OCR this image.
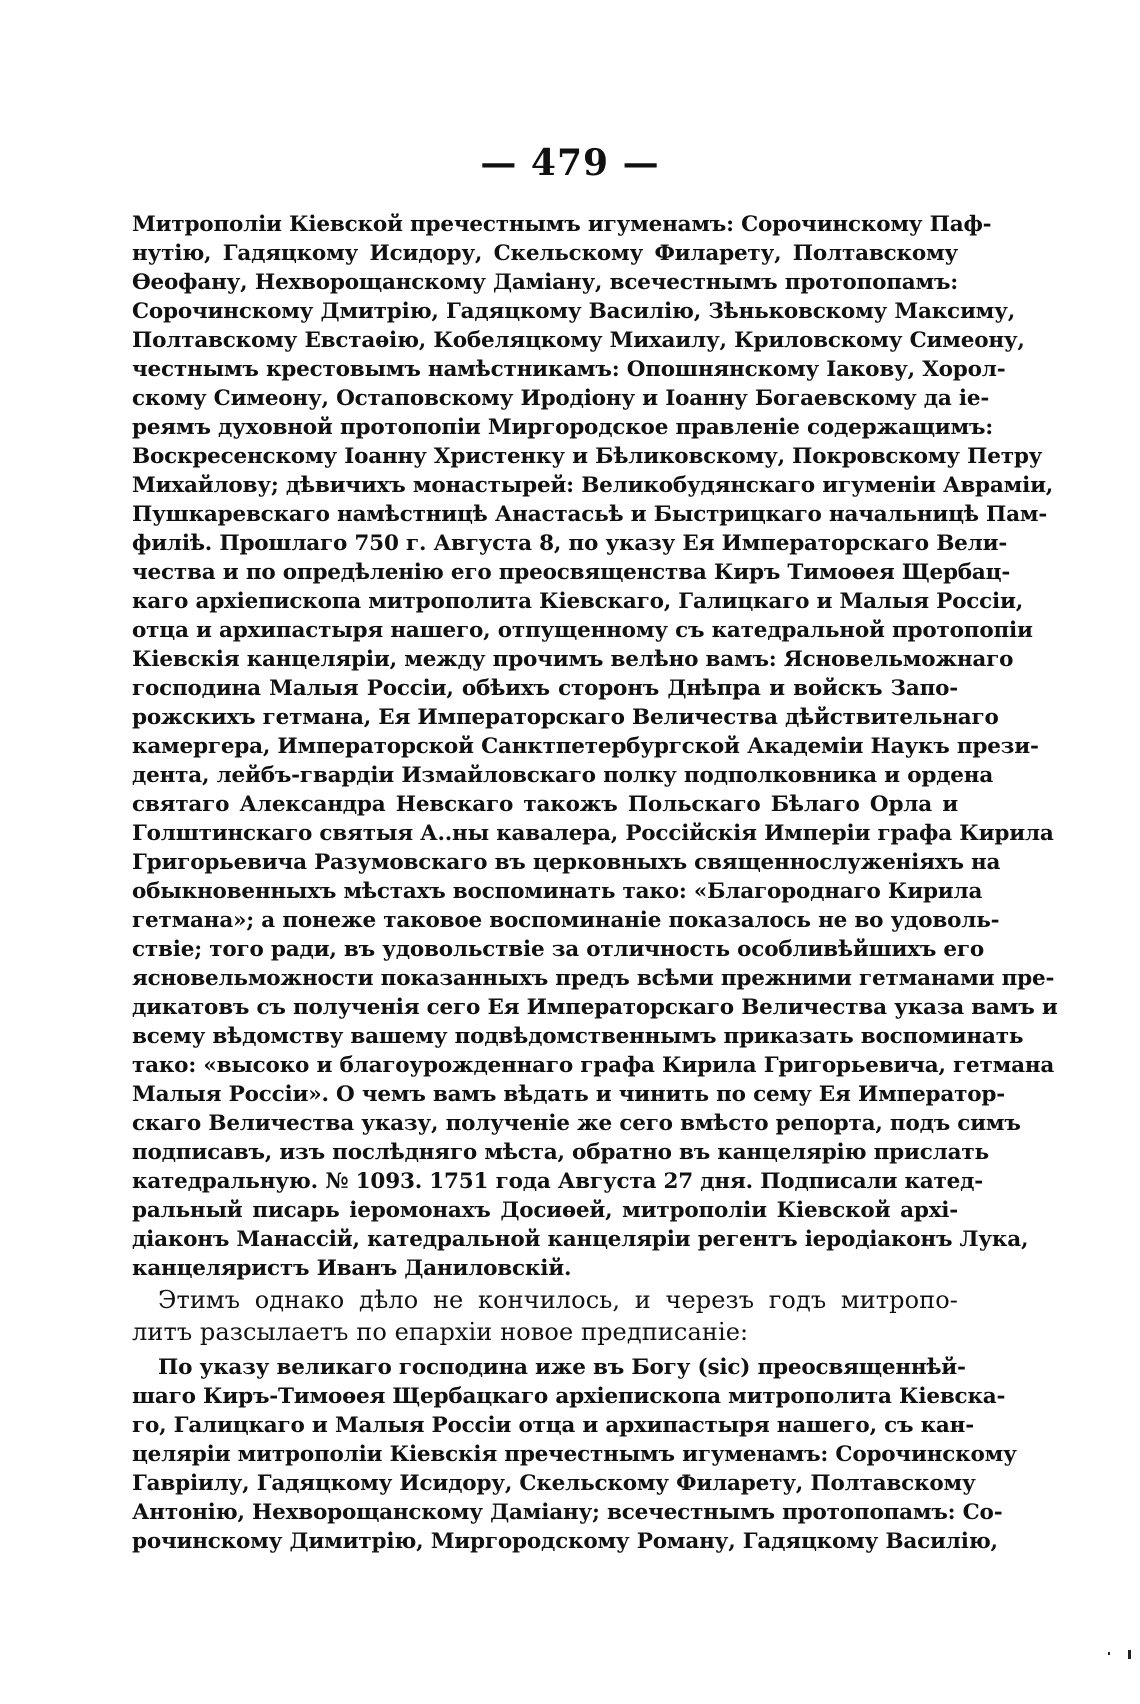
— 479 —
Митрополіи Кіевской пречестнымъ игуменамъ: Сорочинскому Паф-
нутію, Гадяцкому Исидору, Скельскому Филарету, Полтавскому
Ѳеофану, Нехворощанскому Даміану, всечестнымъ протопопамъ:
Сорочинскому Дмитрію, Гадяцкому Василію, Зѣньковскому Максиму,
Полтавскому Евстаѳію, Кобеляцкому Михаилу, Криловскому Симеону,
честнымъ крестовымъ намѣстникамъ: Опошнянскому Іакову, Хорол-
скому Симеону, Остаповскому Иродіону и Іоанну Богаевскому да іе-
реямъ духовной протопопіи Миргородское правленіе содержащимъ:
Воскресенскому Іоанну Христенку и Бѣликовскому, Покровскому Петру
Михайлову; дѣвичихъ монастырей: Великобудянскаго игуменіи Авраміи,
Пушкаревскаго намѣстницѣ Анастасьѣ и Быстрицкаго начальницѣ Пам-
филіѣ. Прошлаго 750 г. Августа 8, по указу Ея Императорскаго Вели-
чества и по опредѣленію его преосвященства Киръ Тимоѳея Щербац-
каго архіепископа митрополита Кіевскаго, Галицкаго и Малыя Россіи,
отца и архипастыря нашего, отпущенному съ катедральной протопопіи
Кіевскія канцеляріи, между прочимъ велѣно вамъ: Ясновельможнаго
господина Малыя Россіи, обѣихъ сторонъ Днѣпра и войскъ Запо-
рожскихъ гетмана, Ея Императорскаго Величества дѣйствительнаго
камергера, Императорской Санктпетербургской Академіи Наукъ прези-
дента, лейбъ-гвардіи Измайловскаго полку подполковника и ордена
святаго Александра Невскаго такожъ Польскаго Бѣлаго Орла и
Голштинскаго святыя А..ны кавалера, Россійскія Имперіи графа Кирила
Григорьевича Разумовскаго въ церковныхъ священнослуженіяхъ на
обыкновенныхъ мѣстахъ воспоминать тако: «Благороднаго Кирила
гетмана»; а понеже таковое воспоминаніе показалось не во удоволь-
ствіе; того ради, въ удовольствіе за отличность особливѣйшихъ его
ясновельможности показанныхъ предъ всѣми прежними гетманами пре-
дикатовъ съ полученія сего Ея Императорскаго Величества указа вамъ и
всему вѣдомству вашему подвѣдомственнымъ приказать воспоминать
тако: «высоко и благоурожденнаго графа Кирила Григорьевича, гетмана
Малыя Россіи». О чемъ вамъ вѣдать и чинить по сему Ея Император-
скаго Величества указу, полученіе же сего вмѣсто репорта, подъ симъ
подписавъ, изъ послѣдняго мѣста, обратно въ канцелярію прислать
катедральную. № 1093. 1751 года Августа 27 дня. Подписали катед-
ральный писарь іеромонахъ Досиѳей, митрополіи Кіевской архі-
діаконъ Манассій, катедральной канцеляріи регентъ іеродіаконъ Лука,
канцеляристъ Иванъ Даниловскій.
Этимъ однако дѣло не кончилось, и черезъ годъ митропо-
литъ разсылаетъ по епархіи новое предписаніе:
По указу великаго господина иже въ Богу (sic) преосвященнѣй-
шаго Киръ-Тимоѳея Щербацкаго архіепископа митрополита Кіевска-
го, Галицкаго и Малыя Россіи отца и архипастыря нашего, съ кан-
целяріи митрополіи Кіевскія пречестнымъ игуменамъ: Сорочинскому
Гавріилу, Гадяцкому Исидору, Скельскому Филарету, Полтавскому
Антонію, Нехворощанскому Даміану; всечестнымъ протопопамъ: Со-
рочинскому Димитрію, Миргородскому Роману, Гадяцкому Василію,
